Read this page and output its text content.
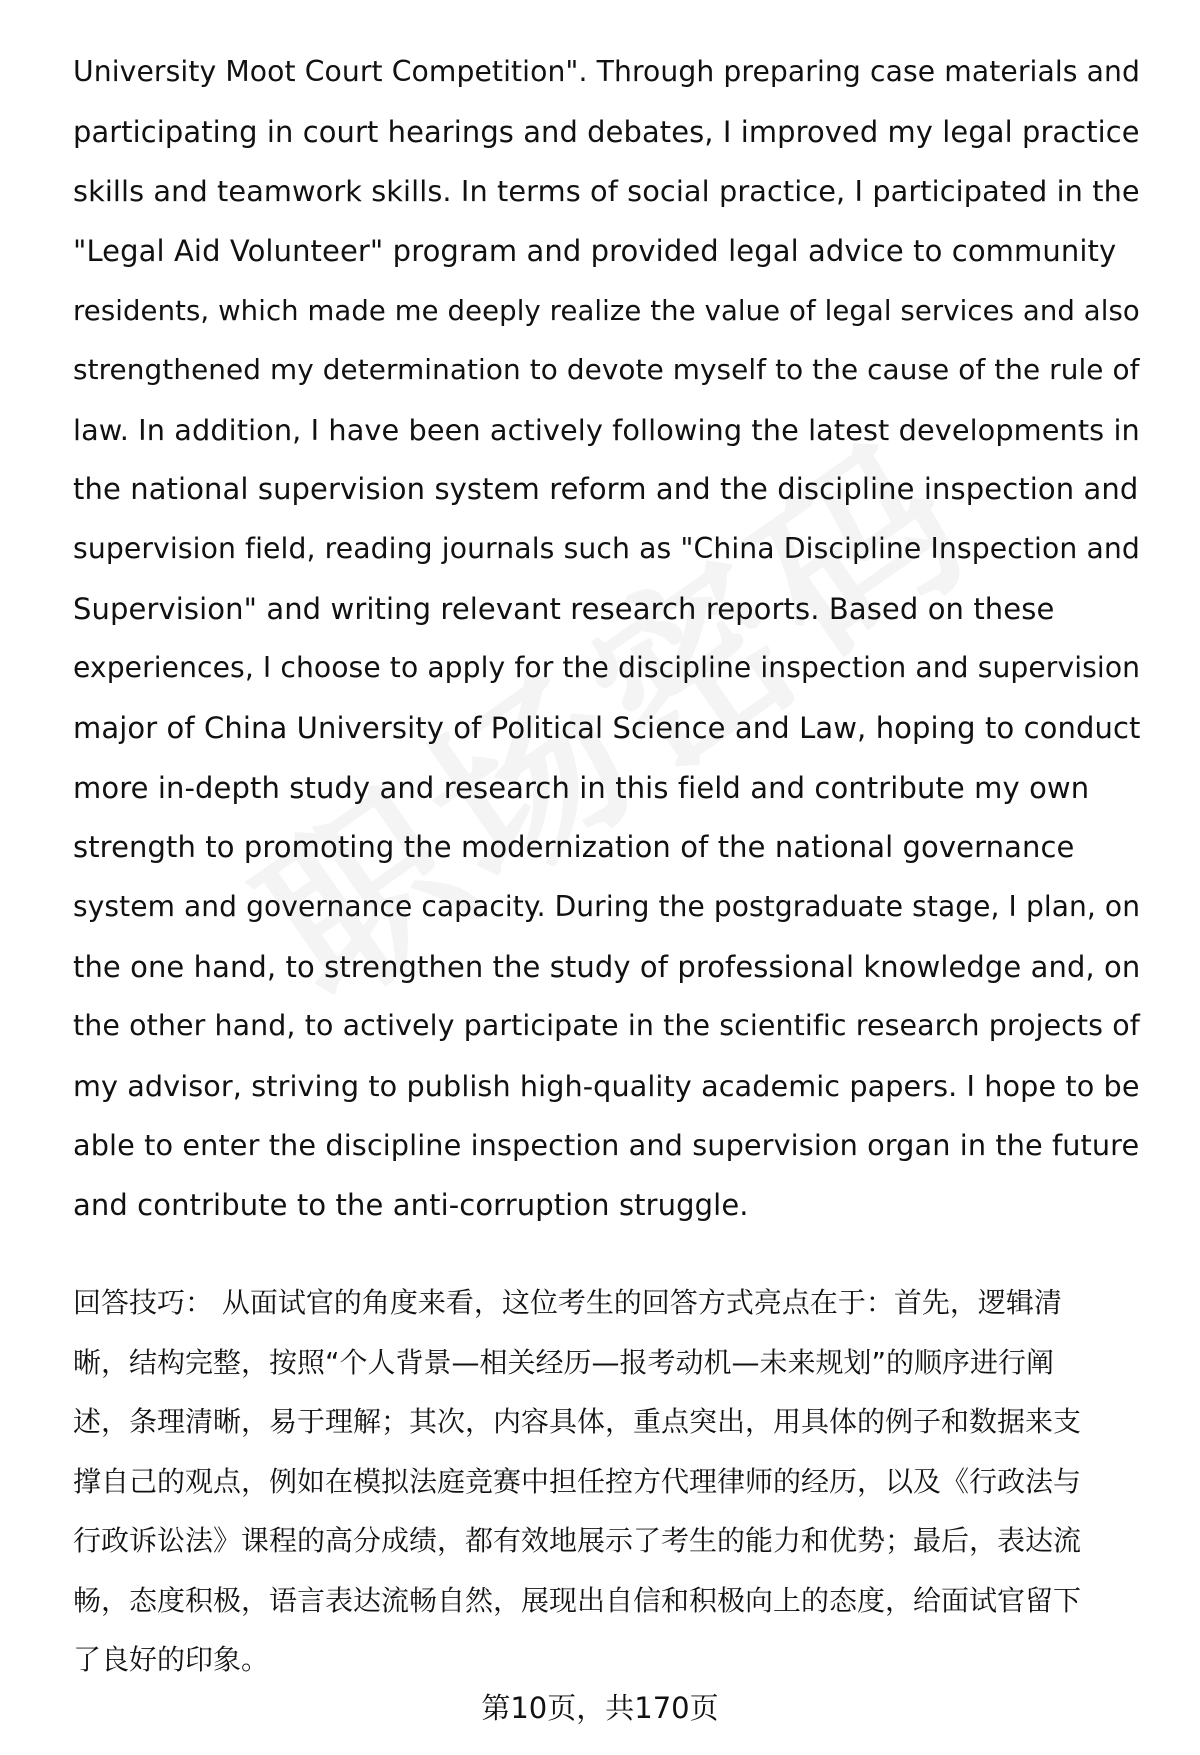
University Moot Court Competition". Through preparing case materials and

participating in court hearings and debates, I improved my legal practice

skills and teamwork skills. In terms of social practice, I participated in the

"Legal Aid Volunteer" program and provided legal advice to community

residents, which made me deeply realize the value of legal services and also

strengthened my determination to devote myself to the cause of the rule of

law. In addition, I have been actively following the latest developments in

the national supervision system reform and the discipline inspection and

supervision field, reading journals such as "China Discipline Inspection and

Supervision" and writing relevant research reports. Based on these

experiences, I choose to apply for the discipline inspection and supervision

major of China University of Political Science and Law, hoping to conduct

more in-depth study and research in this field and contribute my own

strength to promoting the modernization of the national governance

system and governance capacity. During the postgraduate stage, I plan, on

the one hand, to strengthen the study of professional knowledge and, on

the other hand, to actively participate in the scientific research projects of

my advisor, striving to publish high-quality academic papers. I hope to be

able to enter the discipline inspection and supervision organ in the future

and contribute to the anti-corruption struggle.

回答技巧： 从面试官的角度来看，这位考生的回答方式亮点在于：首先，逻辑清

晰，结构完整，按照“个人背景—相关经历—报考动机—未来规划”的顺序进行阐

述，条理清晰，易于理解；其次，内容具体，重点突出，用具体的例子和数据来支

撑自己的观点，例如在模拟法庭竞赛中担任控方代理律师的经历，以及《行政法与

行政诉讼法》课程的高分成绩，都有效地展示了考生的能力和优势；最后，表达流

畅，态度积极，语言表达流畅自然，展现出自信和积极向上的态度，给面试官留下

了良好的印象。

第10页，共170页
